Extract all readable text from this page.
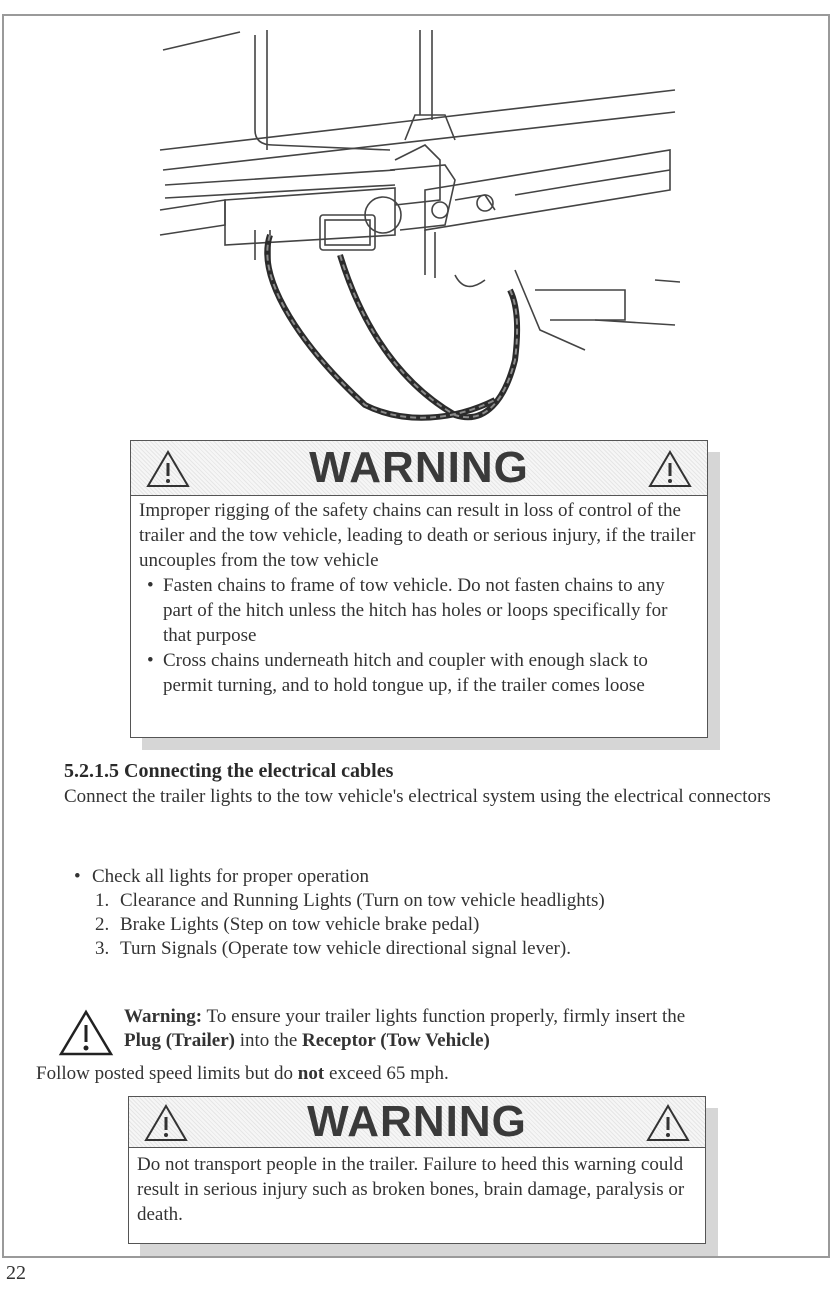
WARNING
Improper rigging of the safety chains can result in loss of control of the trailer and the tow vehicle, leading to death or serious injury, if the trailer uncouples from the tow vehicle
• Fasten chains to frame of tow vehicle. Do not fasten chains to any part of the hitch unless the hitch has holes or loops specifically for that purpose
• Cross chains underneath hitch and coupler with enough slack to permit turning, and to hold tongue up, if the trailer comes loose
5.2.1.5 Connecting the electrical cables
Connect the trailer lights to the tow vehicle's electrical system using the electrical connectors
• Check all lights for proper operation
1. Clearance and Running Lights (Turn on tow vehicle headlights)
2. Brake Lights (Step on tow vehicle brake pedal)
3. Turn Signals (Operate tow vehicle directional signal lever).
Warning: To ensure your trailer lights function properly, firmly insert the
Plug (Trailer) into the Receptor (Tow Vehicle)
Follow posted speed limits but do not exceed 65 mph.
WARNING
Do not transport people in the trailer. Failure to heed this warning could result in serious injury such as broken bones, brain damage, paralysis or death.
22
